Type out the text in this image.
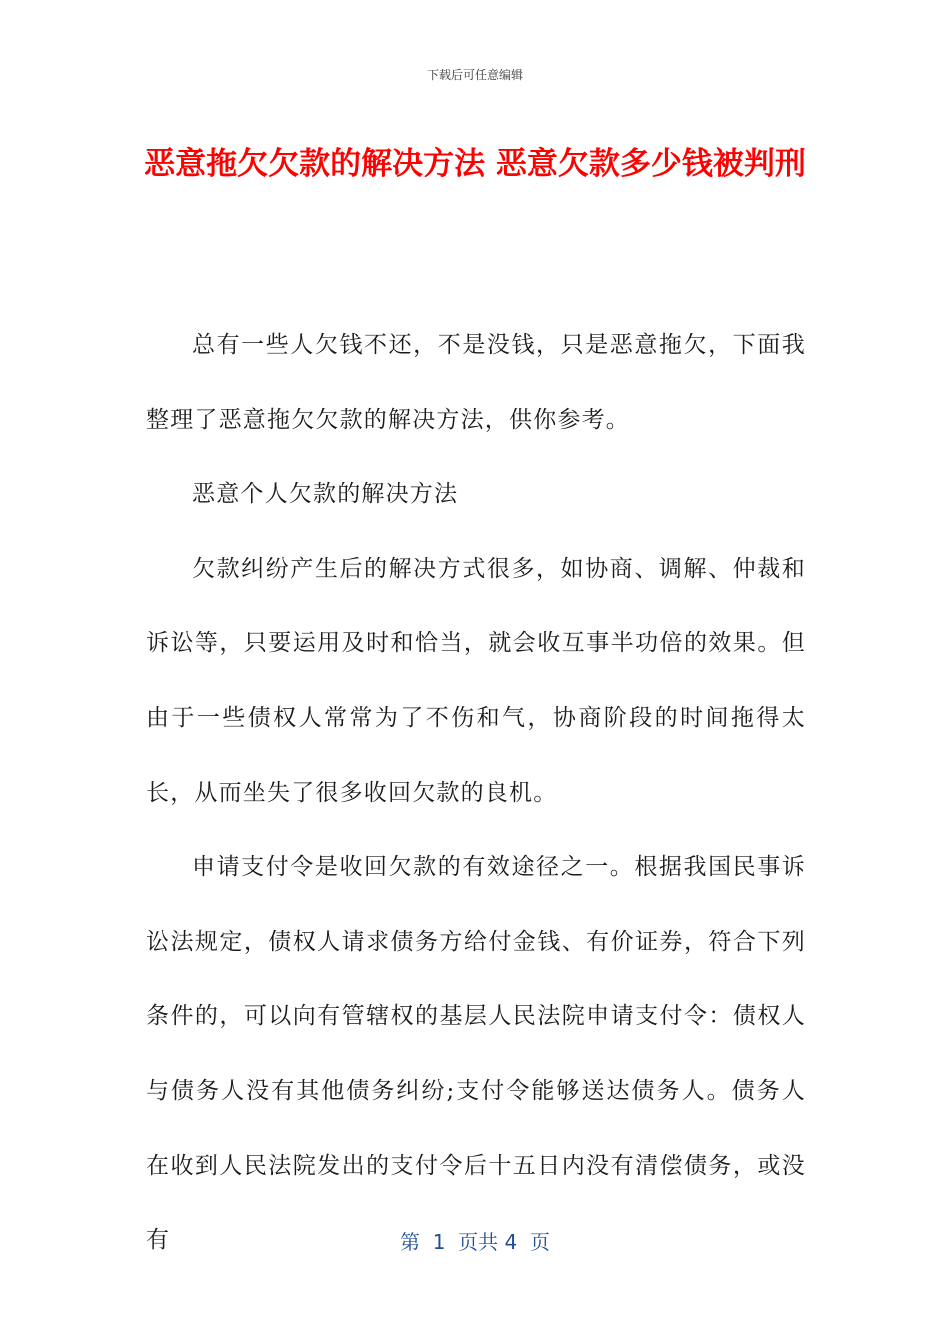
下载后可任意编辑
恶意拖欠欠款的解决方法 恶意欠款多少钱被判刑

总有一些人欠钱不还，不是没钱，只是恶意拖欠，下面我整理了恶意拖欠欠款的解决方法，供你参考。

恶意个人欠款的解决方法

欠款纠纷产生后的解决方式很多，如协商、调解、仲裁和诉讼等，只要运用及时和恰当，就会收互事半功倍的效果。但由于一些债权人常常为了不伤和气，协商阶段的时间拖得太长，从而坐失了很多收回欠款的良机。

申请支付令是收回欠款的有效途径之一。根据我国民事诉讼法规定，债权人请求债务方给付金钱、有价证券，符合下列条件的，可以向有管辖权的基层人民法院申请支付令：债权人与债务人没有其他债务纠纷;支付令能够送达债务人。债务人在收到人民法院发出的支付令后十五日内没有清偿债务，或没有	第  1  页共 4  页
